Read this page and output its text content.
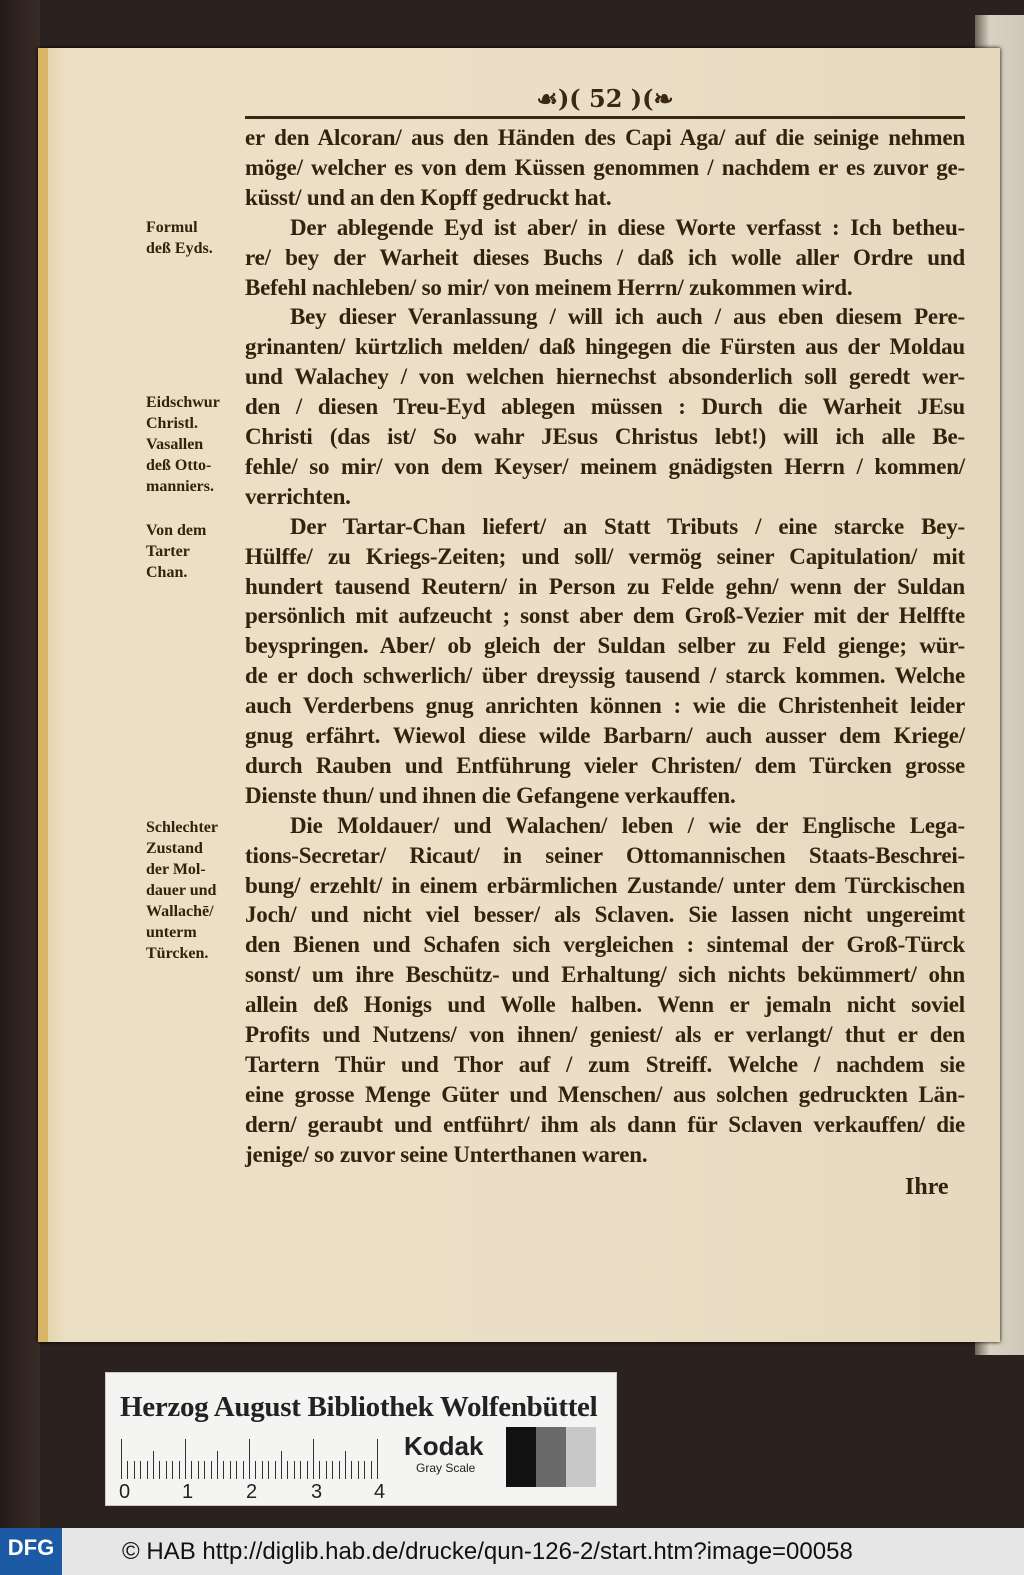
☙)( 52 )(❧
er den Alcoran/ aus den Händen des Capi Aga/ auf die seinige nehmen
möge/ welcher es von dem Küssen genommen / nachdem er es zuvor ge-
küsst/ und an den Kopff gedruckt hat.
Der ablegende Eyd ist aber/ in diese Worte verfasst : Ich betheu-
re/ bey der Warheit dieses Buchs / daß ich wolle aller Ordre und
Befehl nachleben/ so mir/ von meinem Herrn/ zukommen wird.
Bey dieser Veranlassung / will ich auch / aus eben diesem Pere-
grinanten/ kürtzlich melden/ daß hingegen die Fürsten aus der Moldau
und Walachey / von welchen hiernechst absonderlich soll geredt wer-
den / diesen Treu-Eyd ablegen müssen : Durch die Warheit JEsu
Christi (das ist/ So wahr JEsus Christus lebt!) will ich alle Be-
fehle/ so mir/ von dem Keyser/ meinem gnädigsten Herrn / kommen/
verrichten.
Der Tartar-Chan liefert/ an Statt Tributs / eine starcke Bey-
Hülffe/ zu Kriegs-Zeiten; und soll/ vermög seiner Capitulation/ mit
hundert tausend Reutern/ in Person zu Felde gehn/ wenn der Suldan
persönlich mit aufzeucht ; sonst aber dem Groß-Vezier mit der Helffte
beyspringen. Aber/ ob gleich der Suldan selber zu Feld gienge; wür-
de er doch schwerlich/ über dreyssig tausend / starck kommen. Welche
auch Verderbens gnug anrichten können : wie die Christenheit leider
gnug erfährt. Wiewol diese wilde Barbarn/ auch ausser dem Kriege/
durch Rauben und Entführung vieler Christen/ dem Türcken grosse
Dienste thun/ und ihnen die Gefangene verkauffen.
Die Moldauer/ und Walachen/ leben / wie der Englische Lega-
tions-Secretar/ Ricaut/ in seiner Ottomannischen Staats-Beschrei-
bung/ erzehlt/ in einem erbärmlichen Zustande/ unter dem Türckischen
Joch/ und nicht viel besser/ als Sclaven. Sie lassen nicht ungereimt
den Bienen und Schafen sich vergleichen : sintemal der Groß-Türck
sonst/ um ihre Beschütz- und Erhaltung/ sich nichts bekümmert/ ohn
allein deß Honigs und Wolle halben. Wenn er jemaln nicht soviel
Profits und Nutzens/ von ihnen/ geniest/ als er verlangt/ thut er den
Tartern Thür und Thor auf / zum Streiff. Welche / nachdem sie
eine grosse Menge Güter und Menschen/ aus solchen gedruckten Län-
dern/ geraubt und entführt/ ihm als dann für Sclaven verkauffen/ die
jenige/ so zuvor seine Unterthanen waren.
Formul
deß Eyds.
Eidschwur
Christl.
Vasallen
deß Otto-
manniers.
Von dem
Tarter
Chan.
Schlechter
Zustand
der Mol-
dauer und
Wallachē/
unterm
Türcken.
Ihre
Herzog August Bibliothek Wolfenbüttel
0	1	2	3	4
Kodak
Gray Scale
DFG	© HAB http://diglib.hab.de/drucke/qun-126-2/start.htm?image=00058
